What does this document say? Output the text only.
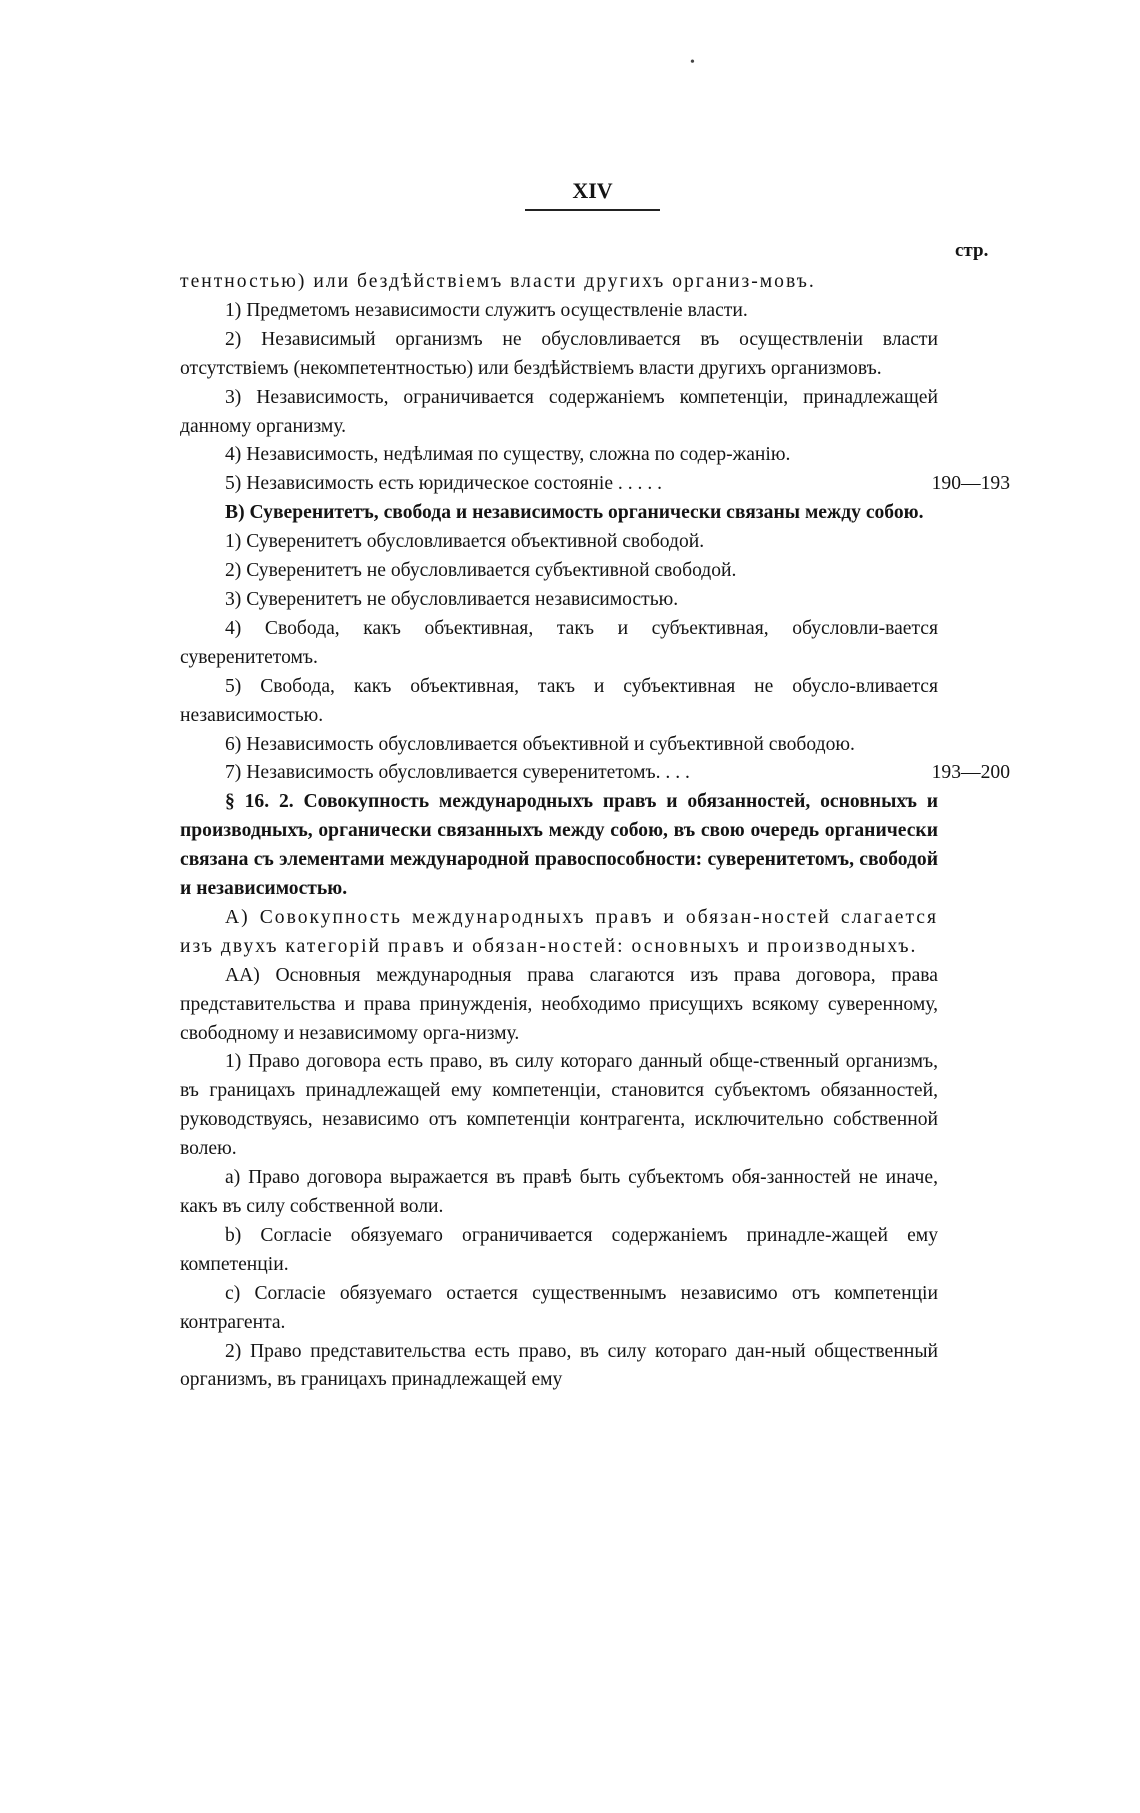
XIV
стр.
•

тентностью) или бездѣйствіемъ власти другихъ организ-мовъ.

1) Предметомъ независимости служитъ осуществленіе власти.

2) Независимый организмъ не обусловливается въ осуществленіи власти отсутствіемъ (некомпетентностью) или бездѣйствіемъ власти другихъ организмовъ.

3) Независимость, ограничивается содержаніемъ компетенціи, принадлежащей данному организму.

4) Независимость, недѣлимая по существу, сложна по содер-жанію.

5) Независимость есть юридическое состояніе . . . . .	190—193

В) Суверенитетъ, свобода и независимость органически связаны между собою.

1) Суверенитетъ обусловливается объективной свободой.

2) Суверенитетъ не обусловливается субъективной свободой.

3) Суверенитетъ не обусловливается независимостью.

4) Свобода, какъ объективная, такъ и субъективная, обусловли-вается суверенитетомъ.

5) Свобода, какъ объективная, такъ и субъективная не обусло-вливается независимостью.

6) Независимость обусловливается объективной и субъективной свободою.

7) Независимость обусловливается суверенитетомъ. . . .	193—200

§ 16. 2. Совокупность международныхъ правъ и обязанностей, основныхъ и производныхъ, органически связанныхъ между собою, въ свою очередь органически связана съ элементами международной правоспособности: суверенитетомъ, свободой и независимостью.

А) Совокупность международныхъ правъ и обязан-ностей слагается изъ двухъ категорій правъ и обязан-ностей: основныхъ и производныхъ.

АА) Основныя международныя права слагаются изъ права договора, права представительства и права принужденія, необходимо присущихъ всякому суверенному, свободному и независимому орга-низму.

1) Право договора есть право, въ силу котораго данный обще-ственный организмъ, въ границахъ принадлежащей ему компетенціи, становится субъектомъ обязанностей, руководствуясь, независимо отъ компетенціи контрагента, исключительно собственной волею.

a) Право договора выражается въ правѣ быть субъектомъ обя-занностей не иначе, какъ въ силу собственной воли.

b) Согласіе обязуемаго ограничивается содержаніемъ принадле-жащей ему компетенціи.

c) Согласіе обязуемаго остается существеннымъ независимо отъ компетенціи контрагента.

2) Право представительства есть право, въ силу котораго дан-ный общественный организмъ, въ границахъ принадлежащей ему
